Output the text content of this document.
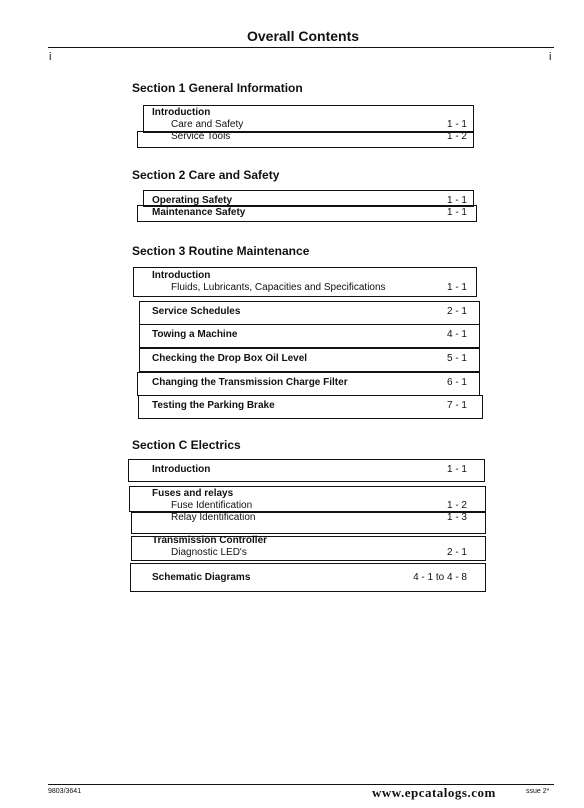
Overall Contents
i	i
Section 1 General Information
Introduction
Care and Safety	1 - 1
Service Tools	1 - 2
Section 2 Care and Safety
Operating Safety	1 - 1
Maintenance Safety	1 - 1
Section 3 Routine Maintenance
Introduction
Fluids, Lubricants, Capacities and Specifications	1 - 1
Service Schedules	2 - 1
Towing a Machine	4 - 1
Checking the Drop Box Oil Level	5 - 1
Changing the Transmission Charge Filter	6 - 1
Testing the Parking Brake	7 - 1
Section C Electrics
Introduction	1 - 1
Fuses and relays
Fuse Identification	1 - 2
Relay Identification	1 - 3
Transmission Controller
Diagnostic LED's	2 - 1
Schematic Diagrams	4 - 1 to 4 - 8
9803/3641	www.epcatalogs.com	ssue 2*
